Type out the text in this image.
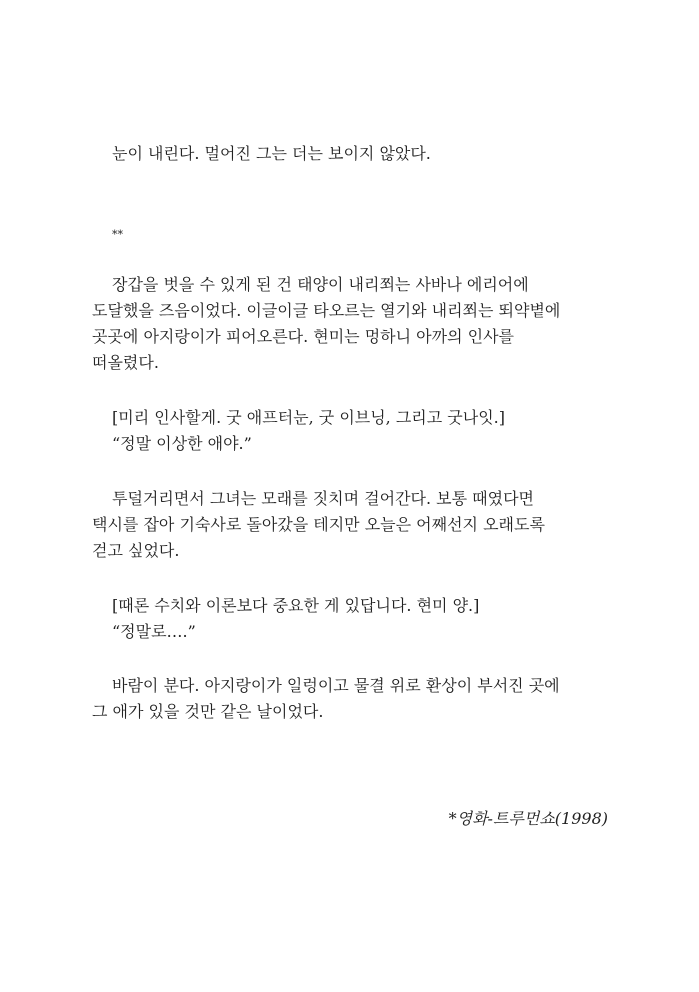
눈이 내린다. 멀어진 그는 더는 보이지 않았다.

**

장갑을 벗을 수 있게 된 건 태양이 내리쬐는 사바나 에리어에

도달했을 즈음이었다. 이글이글 타오르는 열기와 내리쬐는 뙤약볕에

곳곳에 아지랑이가 피어오른다. 현미는 멍하니 아까의 인사를

떠올렸다.

[미리 인사할게. 굿 애프터눈, 굿 이브닝, 그리고 굿나잇.]

“정말 이상한 애야.”

투덜거리면서 그녀는 모래를 짓치며 걸어간다. 보통 때였다면

택시를 잡아 기숙사로 돌아갔을 테지만 오늘은 어째선지 오래도록

걷고 싶었다.

[때론 수치와 이론보다 중요한 게 있답니다. 현미 양.]

“정말로….”

바람이 분다. 아지랑이가 일렁이고 물결 위로 환상이 부서진 곳에

그 애가 있을 것만 같은 날이었다.

*영화-트루먼쇼(1998)
